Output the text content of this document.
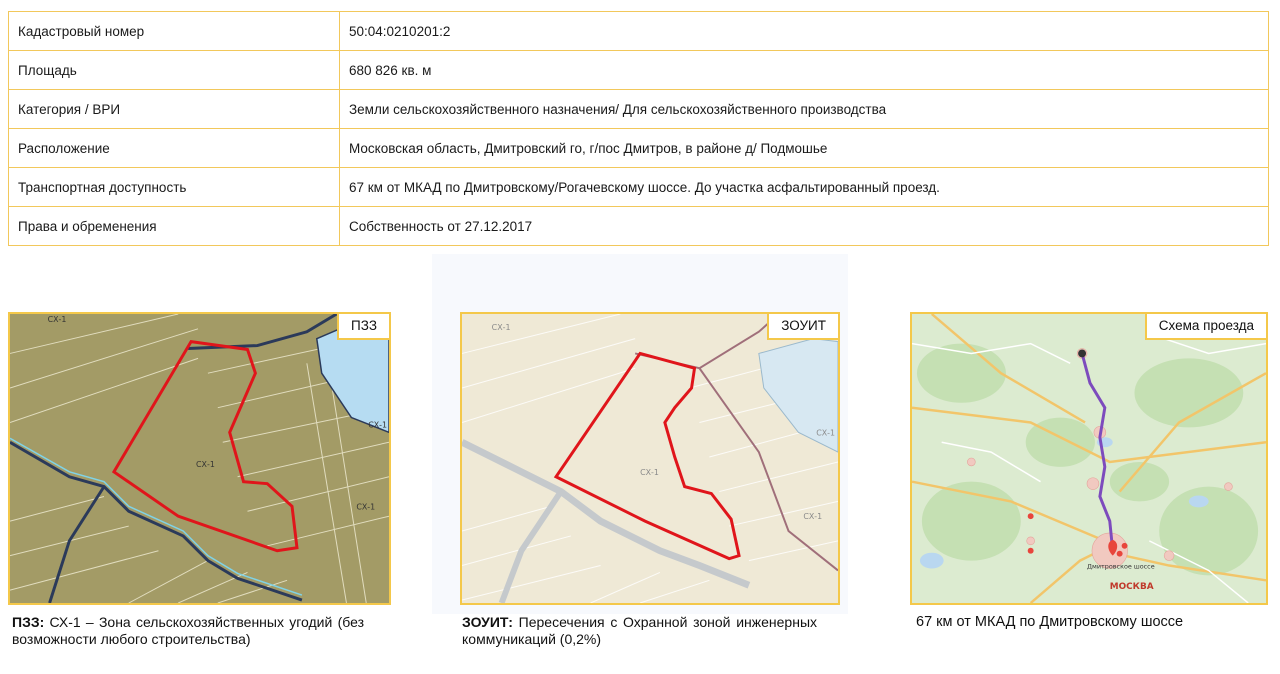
Кадастровый номер	50:04:0210201:2
Площадь	680 826 кв. м
Категория / ВРИ	Земли сельскохозяйственного назначения/ Для сельскохозяйственного производства
Расположение	Московская область, Дмитровский го, г/пос Дмитров, в районе д/ Подмошье
Транспортная доступность	67 км от МКАД по Дмитровскому/Рогачевскому шоссе. До участка асфальтированный проезд.
Права и обременения	Собственность от 27.12.2017
СХ-1
СХ-1
СХ-1
СХ-1
ПЗЗ	СХ-1
СХ-1
СХ-1
СХ-1
ЗОУИТ
Дмитровское шоссе
МОСКВА
Схема проезда
ПЗЗ: СХ-1 – Зона сельскохозяйственных угодий (без возможности любого строительства)
ЗОУИТ: Пересечения с Охранной зоной инженерных коммуникаций (0,2%)
67 км от МКАД по Дмитровскому шоссе
